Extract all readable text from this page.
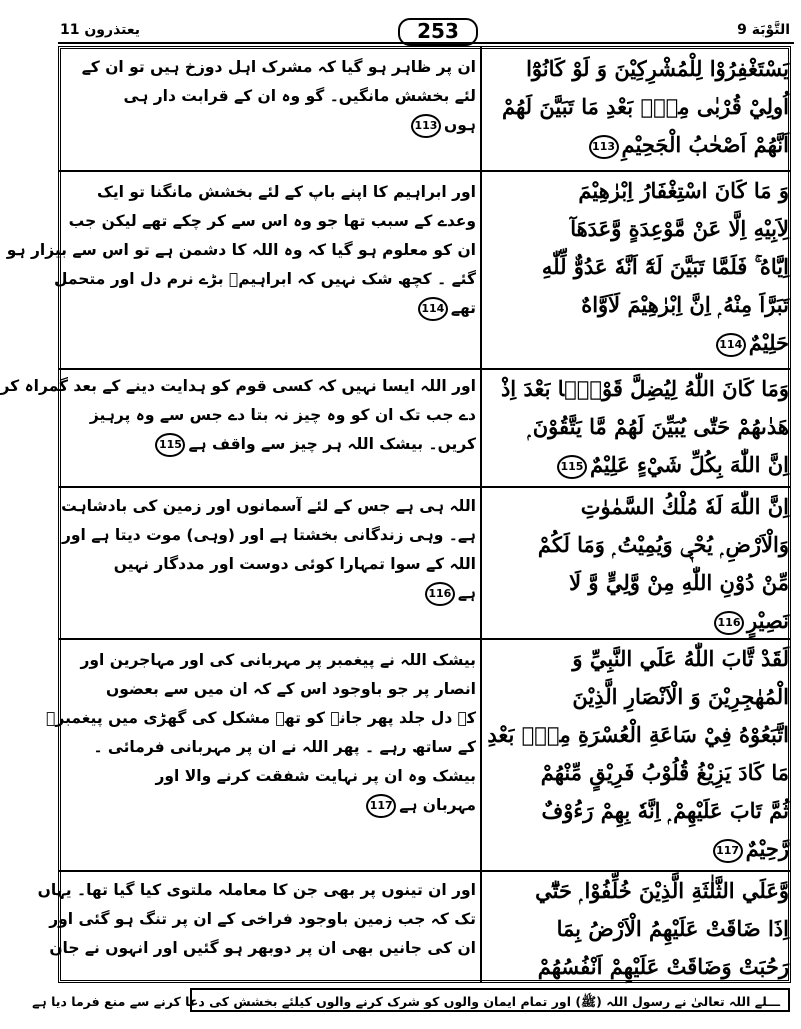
يعتذرون 11	253	التَّوْبَة 9
يَسْتَغْفِرُوْا لِلْمُشْرِكِيْنَ وَ لَوْ كَانُوْٓا
اُولِيْ قُرْبٰى مِنْۢ بَعْدِ مَا تَبَيَّنَ لَهُمْ
اَنَّهُمْ اَصْحٰبُ الْجَحِيْمِ113
ان پر ظاہر ہو گیا کہ مشرک اہل دوزخ ہیں تو ان کے
لئے بخشش مانگیں۔ گو وہ ان کے قرابت دار ہی
ہوں113
وَ مَا كَانَ اسْتِغْفَارُ اِبْرٰهِيْمَ
لِاَبِيْهِ اِلَّا عَنْ مَّوْعِدَةٍ وَّعَدَهَآ
اِيَّاهُ ۚ فَلَمَّا تَبَيَّنَ لَهٗٓ اَنَّهٗ عَدُوٌّ لِّلّٰهِ
تَبَرَّاَ مِنْهُ ۭ اِنَّ اِبْرٰهِيْمَ لَاَوَّاهٌ
حَلِيْمٌ114
اور ابراہیم کا اپنے باپ کے لئے بخشش مانگنا تو ایک
وعدے کے سبب تھا جو وہ اس سے کر چکے تھے لیکن جب
ان کو معلوم ہو گیا کہ وہ اللہ کا دشمن ہے تو اس سے بیزار ہو
گئے ۔ کچھ شک نہیں کہ ابراہیمؑ بڑے نرم دل اور متحمل
تھے114
وَمَا كَانَ اللّٰهُ لِيُضِلَّ قَوْمًۢا بَعْدَ اِذْ
هَدٰىهُمْ حَتّٰى يُبَيِّنَ لَهُمْ مَّا يَتَّقُوْنَ ۭ
اِنَّ اللّٰهَ بِكُلِّ شَيْءٍ عَلِيْمٌ115
اور اللہ ایسا نہیں کہ کسی قوم کو ہدایت دینے کے بعد گمراہ کر
دے جب تک ان کو وہ چیز نہ بتا دے جس سے وہ پرہیز
کریں۔ بیشک اللہ ہر چیز سے واقف ہے115
اِنَّ اللّٰهَ لَهٗ مُلْكُ السَّمٰوٰتِ
وَالْاَرْضِ ۭ يُحْيٖ وَيُمِيْتُ ۭ وَمَا لَكُمْ
مِّنْ دُوْنِ اللّٰهِ مِنْ وَّلِيٍّ وَّ لَا
نَصِيْرٍ116
اللہ ہی ہے جس کے لئے آسمانوں اور زمین کی بادشاہت
ہے۔ وہی زندگانی بخشتا ہے اور (وہی) موت دیتا ہے اور
اللہ کے سوا تمہارا کوئی دوست اور مددگار نہیں
ہے116
لَقَدْ تَّابَ اللّٰهُ عَلَي النَّبِيِّ وَ
الْمُهٰجِرِيْنَ وَ الْاَنْصَارِ الَّذِيْنَ
اتَّبَعُوْهُ فِيْ سَاعَةِ الْعُسْرَةِ مِنْۢ بَعْدِ
مَا كَادَ يَزِيْغُ قُلُوْبُ فَرِيْقٍ مِّنْهُمْ
ثُمَّ تَابَ عَلَيْهِمْ ۭ اِنَّهٗ بِهِمْ رَءُوْفٌ
رَّحِيْمٌ117
بیشک اللہ نے پیغمبر پر مہربانی کی اور مہاجرین اور
انصار پر جو باوجود اس کے کہ ان میں سے بعضوں
کے دل جلد پھر جانے کو تھے مشکل کی گھڑی میں پیغمبرؐ
کے ساتھ رہے ۔ پھر اللہ نے ان پر مہربانی فرمائی ۔
بیشک وہ ان پر نہایت شفقت کرنے والا اور
مہربان ہے117
وَّعَلَي الثَّلٰثَةِ الَّذِيْنَ خُلِّفُوْا ۭ حَتّٰٓي
اِذَا ضَاقَتْ عَلَيْهِمُ الْاَرْضُ بِمَا
رَحُبَتْ وَضَاقَتْ عَلَيْهِمْ اَنْفُسُهُمْ
اور ان تینوں پر بھی جن کا معاملہ ملتوی کیا گیا تھا۔ یہاں
تک کہ جب زمین باوجود فراخی کے ان پر تنگ ہو گئی اور
ان کی جانیں بھی ان پر دوبھر ہو گئیں اور انہوں نے جان
ـــلے اللہ تعالیٰ نے رسول اللہ (ﷺ) اور تمام ایمان والوں کو شرک کرنے والوں کیلئے بخشش کی دعا کرنے سے منع فرما دیا ہے
